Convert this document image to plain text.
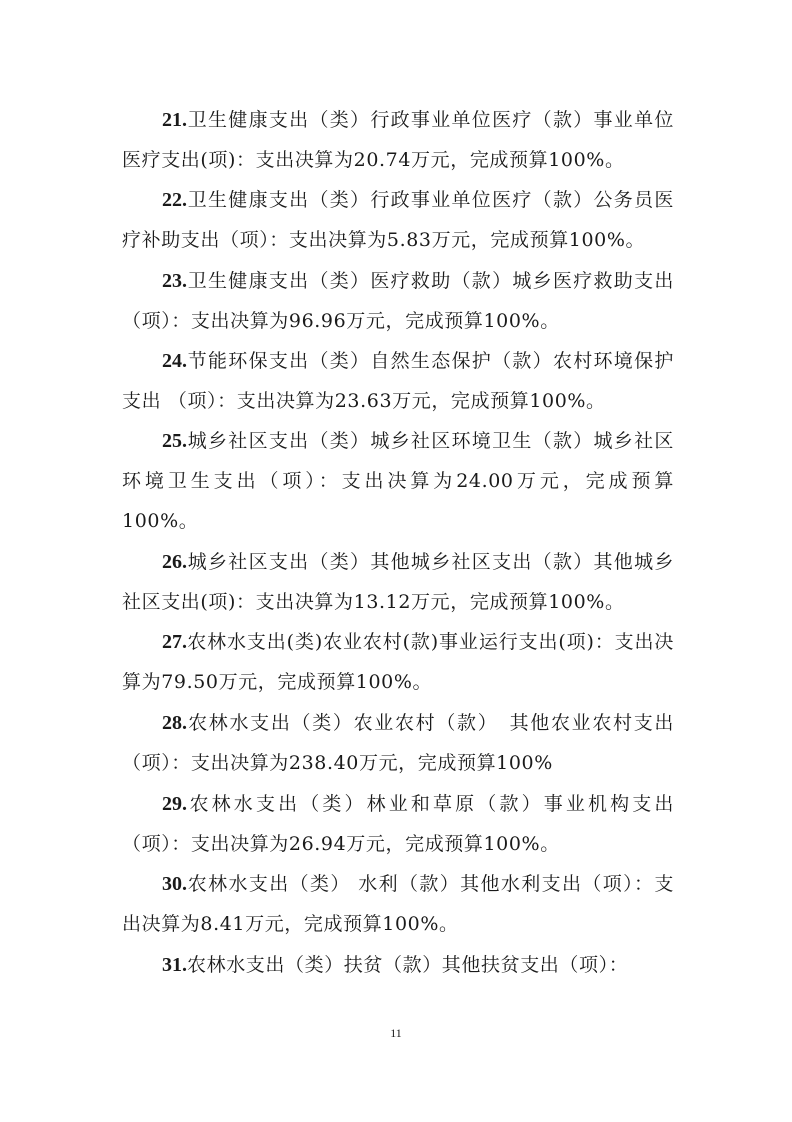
21.卫生健康支出（类）行政事业单位医疗（款）事业单位医疗支出(项)：支出决算为20.74万元，完成预算100%。

22.卫生健康支出（类）行政事业单位医疗（款）公务员医疗补助支出（项）：支出决算为5.83万元，完成预算100%。

23.卫生健康支出（类）医疗救助（款）城乡医疗救助支出（项）：支出决算为96.96万元，完成预算100%。

24.节能环保支出（类）自然生态保护（款）农村环境保护支出 （项）：支出决算为23.63万元，完成预算100%。

25.城乡社区支出（类）城乡社区环境卫生（款）城乡社区环境卫生支出（项）：支出决算为24.00万元，完成预算100%。

26.城乡社区支出（类）其他城乡社区支出（款）其他城乡社区支出(项)：支出决算为13.12万元，完成预算100%。

27.农林水支出(类)农业农村(款)事业运行支出(项)：支出决算为79.50万元，完成预算100%。

28.农林水支出（类）农业农村（款）　其他农业农村支出（项）：支出决算为238.40万元，完成预算100%

29.农林水支出（类）林业和草原（款）事业机构支出（项）：支出决算为26.94万元，完成预算100%。

30.农林水支出（类） 水利（款）其他水利支出（项）：支出决算为8.41万元，完成预算100%。

31.农林水支出（类）扶贫（款）其他扶贫支出（项）：

11
